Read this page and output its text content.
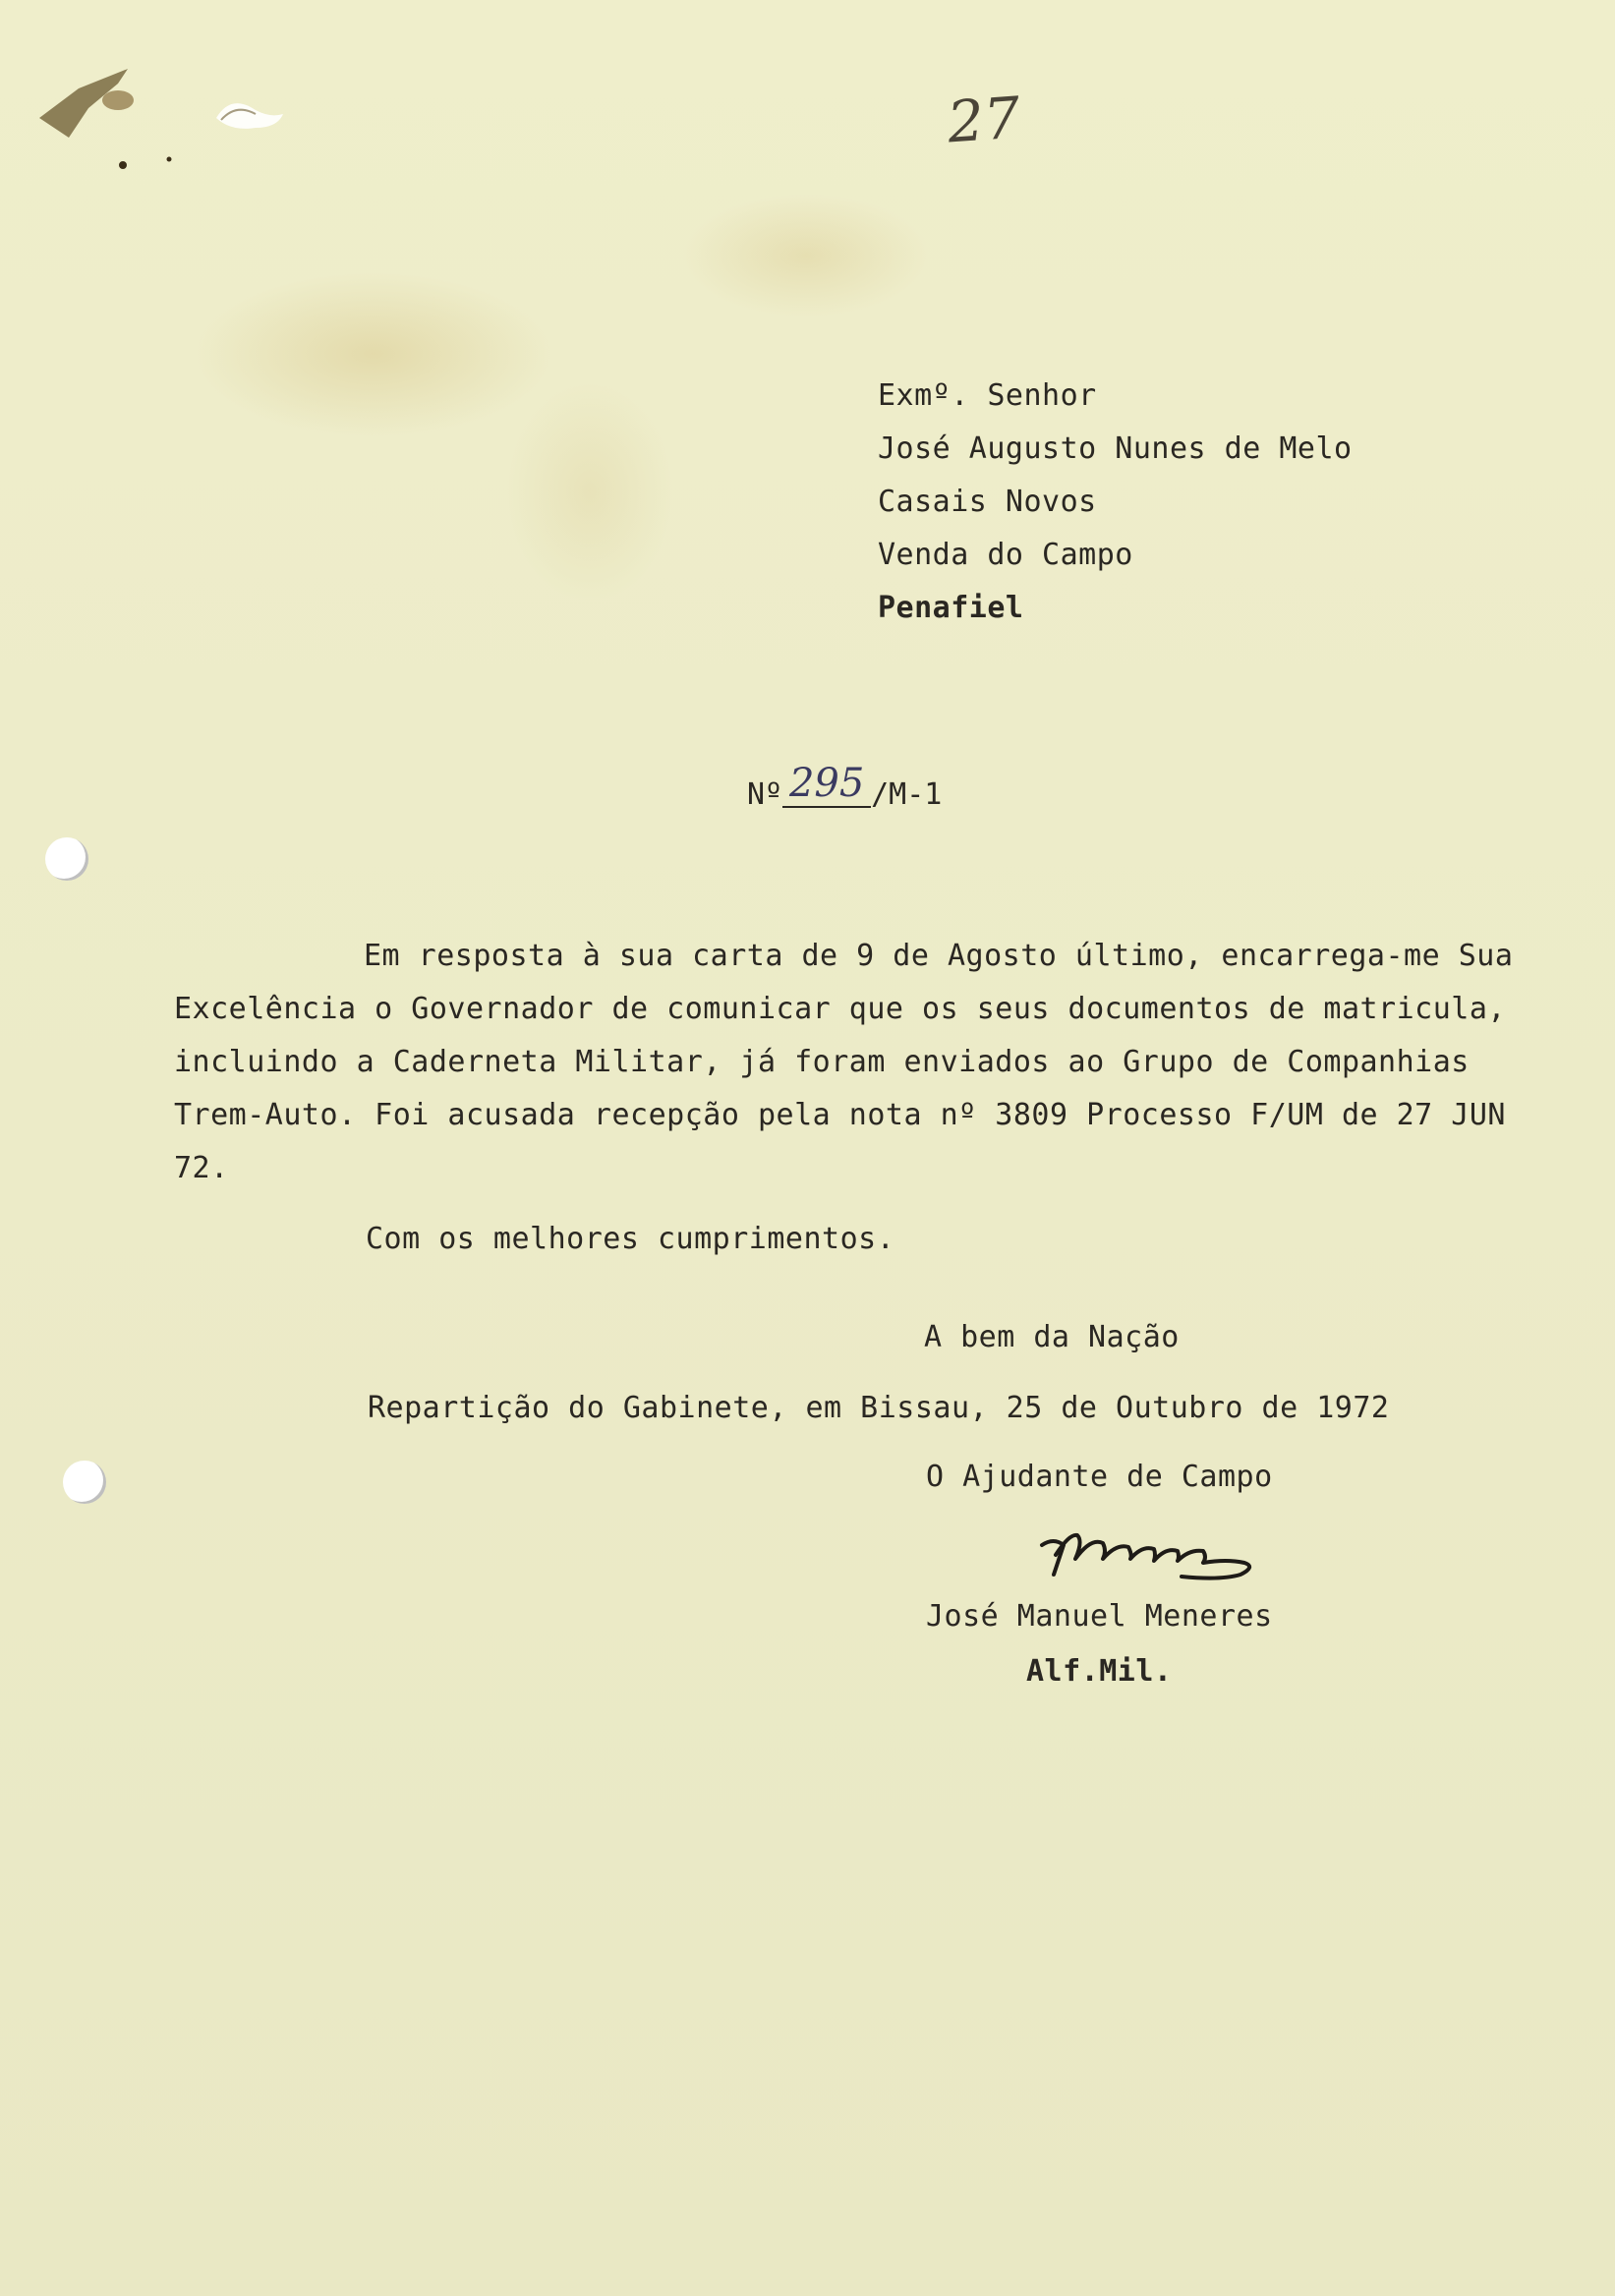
27
Exmº. Senhor
José Augusto Nunes de Melo
Casais Novos
Venda do Campo
Penafiel
Nº 295 /M-1
Em resposta à sua carta de 9 de Agosto último, encarrega-me Sua
Excelência o Governador de comunicar que os seus documentos de matricula,
incluindo a Caderneta Militar, já foram enviados ao Grupo de Companhias
Trem-Auto. Foi acusada recepção pela nota nº 3809 Processo F/UM de 27 JUN
72.
Com os melhores cumprimentos.
A bem da Nação
Repartição do Gabinete, em Bissau, 25 de Outubro de 1972
O Ajudante de Campo
José Manuel Meneres
Alf.Mil.
